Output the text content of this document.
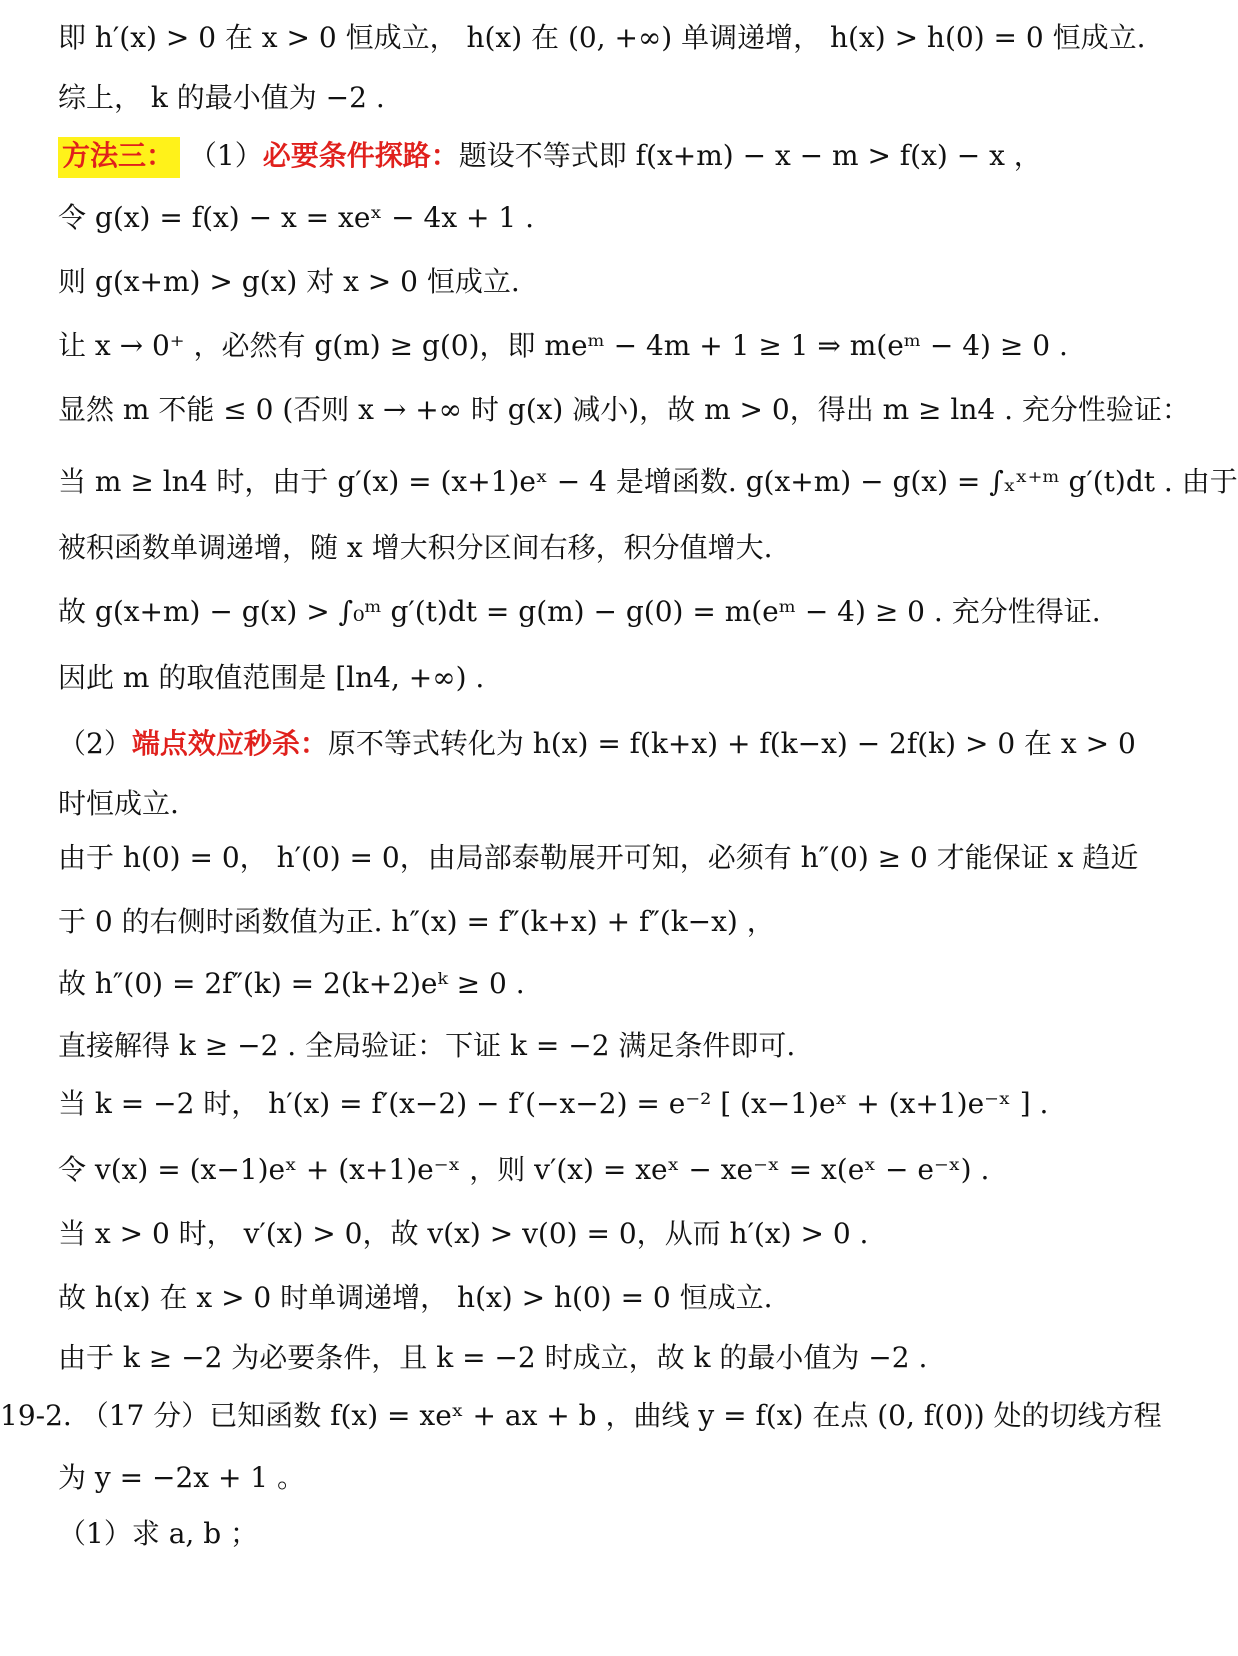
即 h′(x) > 0 在 x > 0 恒成立， h(x) 在 (0, +∞) 单调递增， h(x) > h(0) = 0 恒成立.
综上， k 的最小值为 −2 .
方法三： （1）必要条件探路：题设不等式即 f(x+m) − x − m > f(x) − x ，
令 g(x) = f(x) − x = xeˣ − 4x + 1 .
则 g(x+m) > g(x) 对 x > 0 恒成立.
让 x → 0⁺ ，必然有 g(m) ≥ g(0)，即 meᵐ − 4m + 1 ≥ 1 ⇒ m(eᵐ − 4) ≥ 0 .
显然 m 不能 ≤ 0 (否则 x → +∞ 时 g(x) 减小)，故 m > 0，得出 m ≥ ln4 . 充分性验证：
当 m ≥ ln4 时，由于 g′(x) = (x+1)eˣ − 4 是增函数. g(x+m) − g(x) = ∫ₓˣ⁺ᵐ g′(t)dt . 由于
被积函数单调递增，随 x 增大积分区间右移，积分值增大.
故 g(x+m) − g(x) > ∫₀ᵐ g′(t)dt = g(m) − g(0) = m(eᵐ − 4) ≥ 0 . 充分性得证.
因此 m 的取值范围是 [ln4, +∞) .
（2）端点效应秒杀：原不等式转化为 h(x) = f(k+x) + f(k−x) − 2f(k) > 0 在 x > 0
时恒成立.
由于 h(0) = 0， h′(0) = 0，由局部泰勒展开可知，必须有 h″(0) ≥ 0 才能保证 x 趋近
于 0 的右侧时函数值为正. h″(x) = f″(k+x) + f″(k−x) ，
故 h″(0) = 2f″(k) = 2(k+2)eᵏ ≥ 0 .
直接解得 k ≥ −2 . 全局验证：下证 k = −2 满足条件即可.
当 k = −2 时， h′(x) = f′(x−2) − f′(−x−2) = e⁻² [ (x−1)eˣ + (x+1)e⁻ˣ ] .
令 v(x) = (x−1)eˣ + (x+1)e⁻ˣ ，则 v′(x) = xeˣ − xe⁻ˣ = x(eˣ − e⁻ˣ) .
当 x > 0 时， v′(x) > 0，故 v(x) > v(0) = 0，从而 h′(x) > 0 .
故 h(x) 在 x > 0 时单调递增， h(x) > h(0) = 0 恒成立.
由于 k ≥ −2 为必要条件，且 k = −2 时成立，故 k 的最小值为 −2 .
19-2. （17 分）已知函数 f(x) = xeˣ + ax + b ，曲线 y = f(x) 在点 (0, f(0)) 处的切线方程
为 y = −2x + 1 。
（1）求 a, b ；
